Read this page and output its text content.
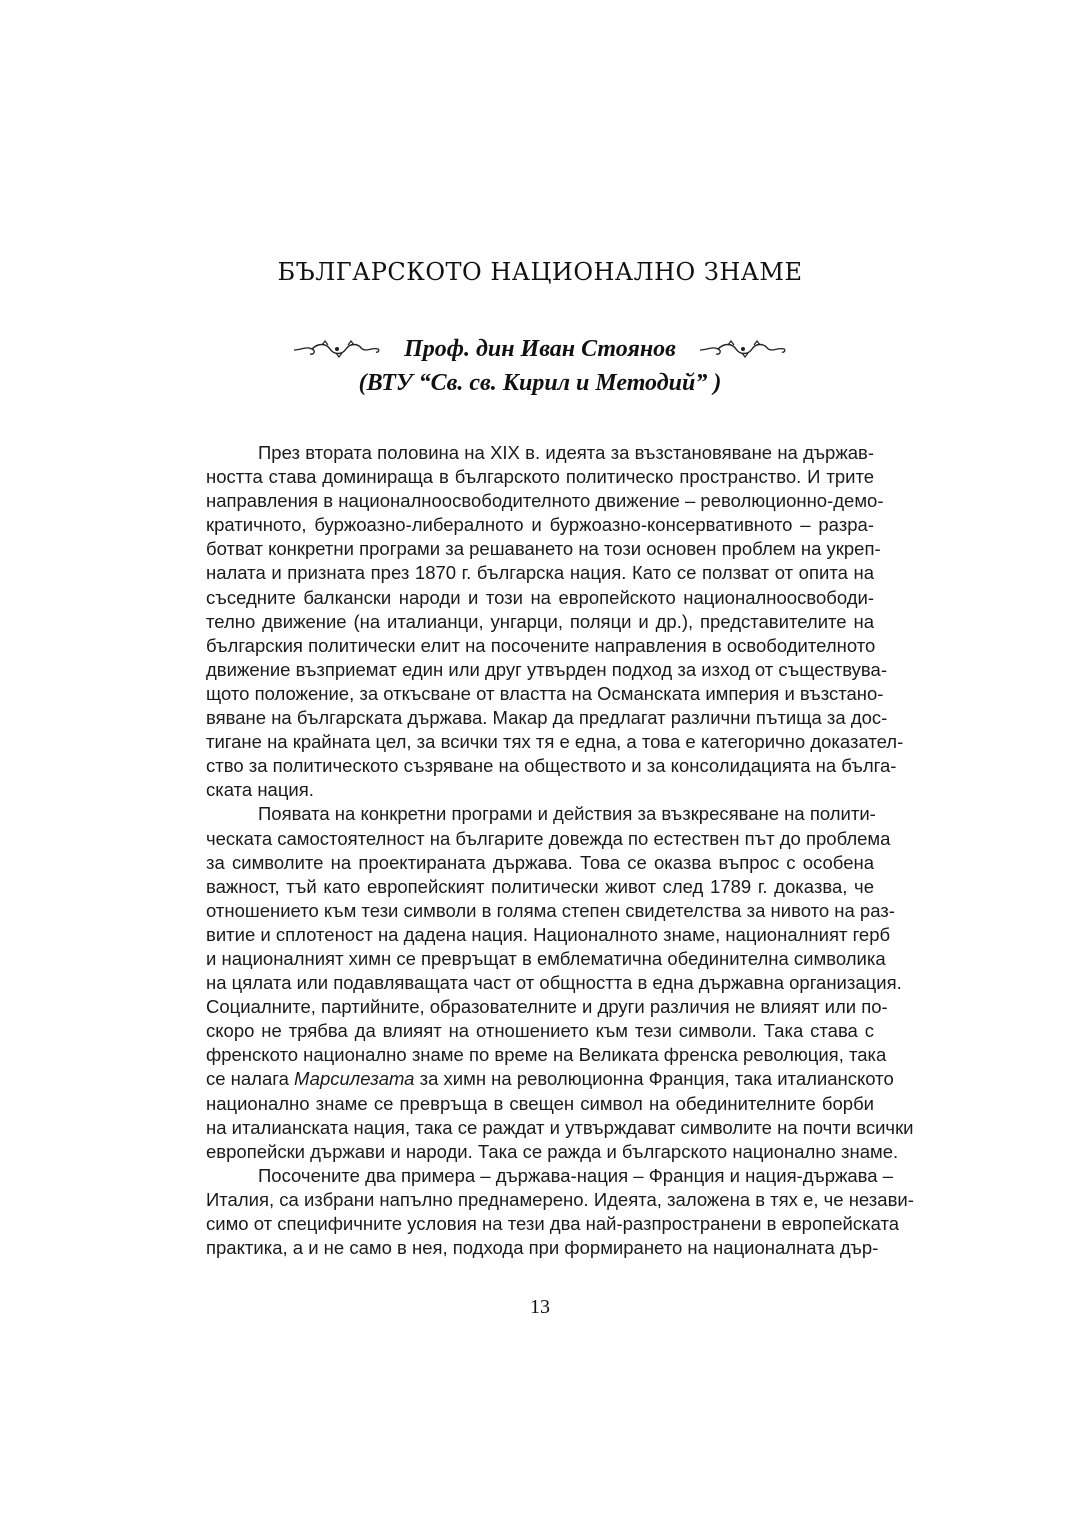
БЪЛГАРСКОТО НАЦИОНАЛНО ЗНАМЕ
Проф. дин Иван Стоянов
(ВТУ “Св. св. Кирил и Методий” )
През втората половина на XIX в. идеята за възстановяване на държав-
ността става доминираща в българското политическо пространство. И трите
направления в националноосвободителното движение – революционно-демо-
кратичното, буржоазно-либералното и буржоазно-консервативното – разра-
ботват конкретни програми за решаването на този основен проблем на укреп-
налата и призната през 1870 г. българска нация. Като се ползват от опита на
съседните балкански народи и този на европейското националноосвободи-
телно движение (на италианци, унгарци, поляци и др.), представителите на
българския политически елит на посочените направления в освободителното
движение възприемат един или друг утвърден подход за изход от съществува-
щото положение, за откъсване от властта на Османската империя и възстано-
вяване на българската държава. Макар да предлагат различни пътища за дос-
тигане на крайната цел, за всички тях тя е една, а това е категорично доказател-
ство за политическото съзряване на обществото и за консолидацията на бълга-
ската нация.
Появата на конкретни програми и действия за възкресяване на полити-
ческата самостоятелност на българите довежда по естествен път до проблема
за символите на проектираната държава. Това се оказва въпрос с особена
важност, тъй като европейският политически живот след 1789 г. доказва, че
отношението към тези символи в голяма степен свидетелства за нивото на раз-
витие и сплотеност на дадена нация. Националното знаме, националният герб
и националният химн се превръщат в емблематична обединителна символика
на цялата или подавляващата част от общността в една държавна организация.
Социалните, партийните, образователните и други различия не влияят или по-
скоро не трябва да влияят на отношението към тези символи. Така става с
френското национално знаме по време на Великата френска революция, така
се налага Марсилезата за химн на революционна Франция, така италианското
национално знаме се превръща в свещен символ на обединителните борби
на италианската нация, така се раждат и утвърждават символите на почти всички
европейски държави и народи. Така се ражда и българското национално знаме.
Посочените два примера – държава-нация – Франция и нация-държава –
Италия, са избрани напълно преднамерено. Идеята, заложена в тях е, че незави-
симо от специфичните условия на тези два най-разпространени в европейската
практика, а и не само в нея, подхода при формирането на националната дър-
13
